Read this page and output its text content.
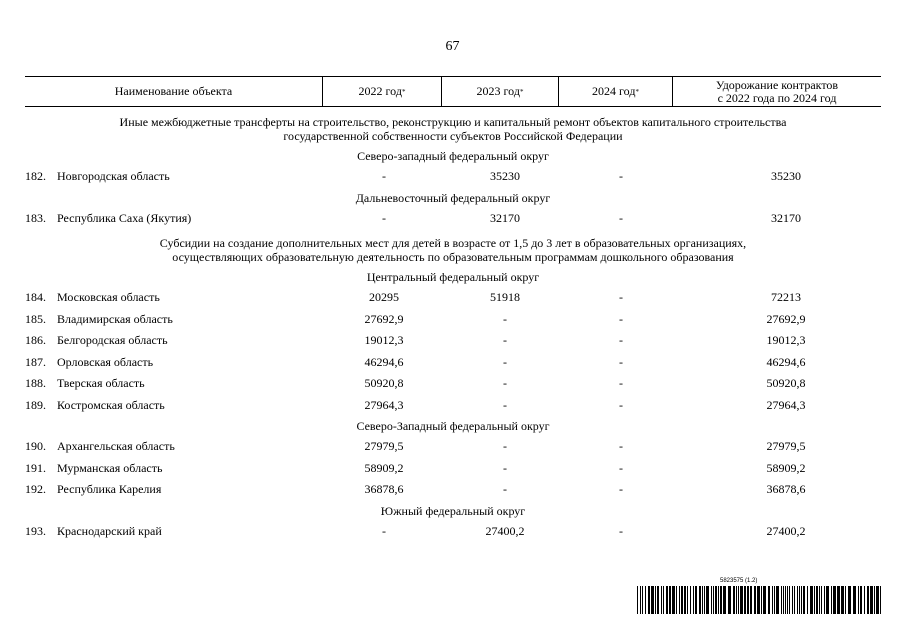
67
Наименование объекта	2022 год *	2023 год *	2024 год *	Удорожание контрактов
с 2022 года по 2024 год
Иные межбюджетные трансферты на строительство, реконструкцию и капитальный ремонт объектов капитального строительства
государственной собственности субъектов Российской Федерации
Северо-западный федеральный округ
182. Новгородская область	-	35230	-	35230
Дальневосточный федеральный округ
183. Республика Саха (Якутия)	-	32170	-	32170
Субсидии на создание дополнительных мест для детей в возрасте от 1,5 до 3 лет в образовательных организациях,
осуществляющих образовательную деятельность по образовательным программам дошкольного образования
Центральный федеральный округ
184. Московская область	20295	51918	-	72213
185. Владимирская область	27692,9	-	-	27692,9
186. Белгородская область	19012,3	-	-	19012,3
187. Орловская область	46294,6	-	-	46294,6
188. Тверская область	50920,8	-	-	50920,8
189. Костромская область	27964,3	-	-	27964,3
Северо-Западный федеральный округ
190. Архангельская область	27979,5	-	-	27979,5
191. Мурманская область	58909,2	-	-	58909,2
192. Республика Карелия	36878,6	-	-	36878,6
Южный федеральный округ
193. Краснодарский край	-	27400,2	-	27400,2
5823575 (1.2)
